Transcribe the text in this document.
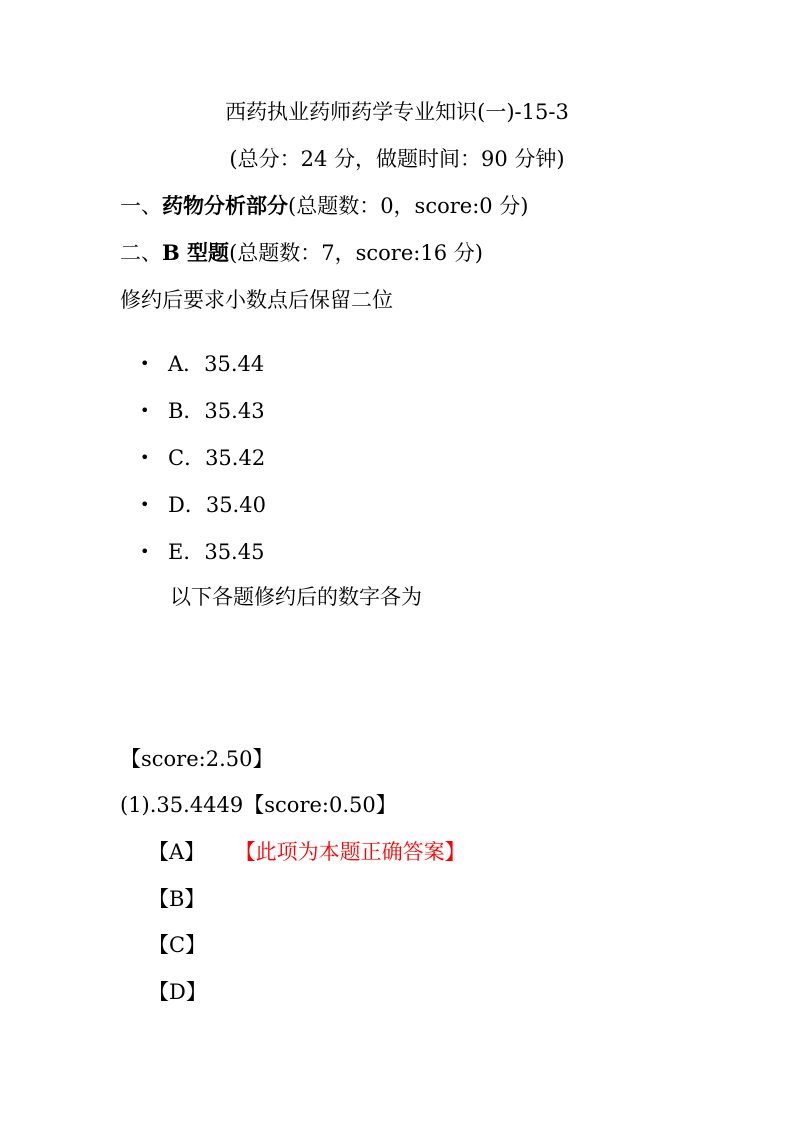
西药执业药师药学专业知识(一)-15-3
(总分：24 分，做题时间：90 分钟)
一、药物分析部分(总题数：0，score:0 分)
二、B 型题(总题数：7，score:16 分)
修约后要求小数点后保留二位
• A．35.44
• B．35.43
• C．35.42
• D．35.40
• E．35.45
以下各题修约后的数字各为
【score:2.50】
(1).35.4449【score:0.50】
【A】 【此项为本题正确答案】
【B】
【C】
【D】
